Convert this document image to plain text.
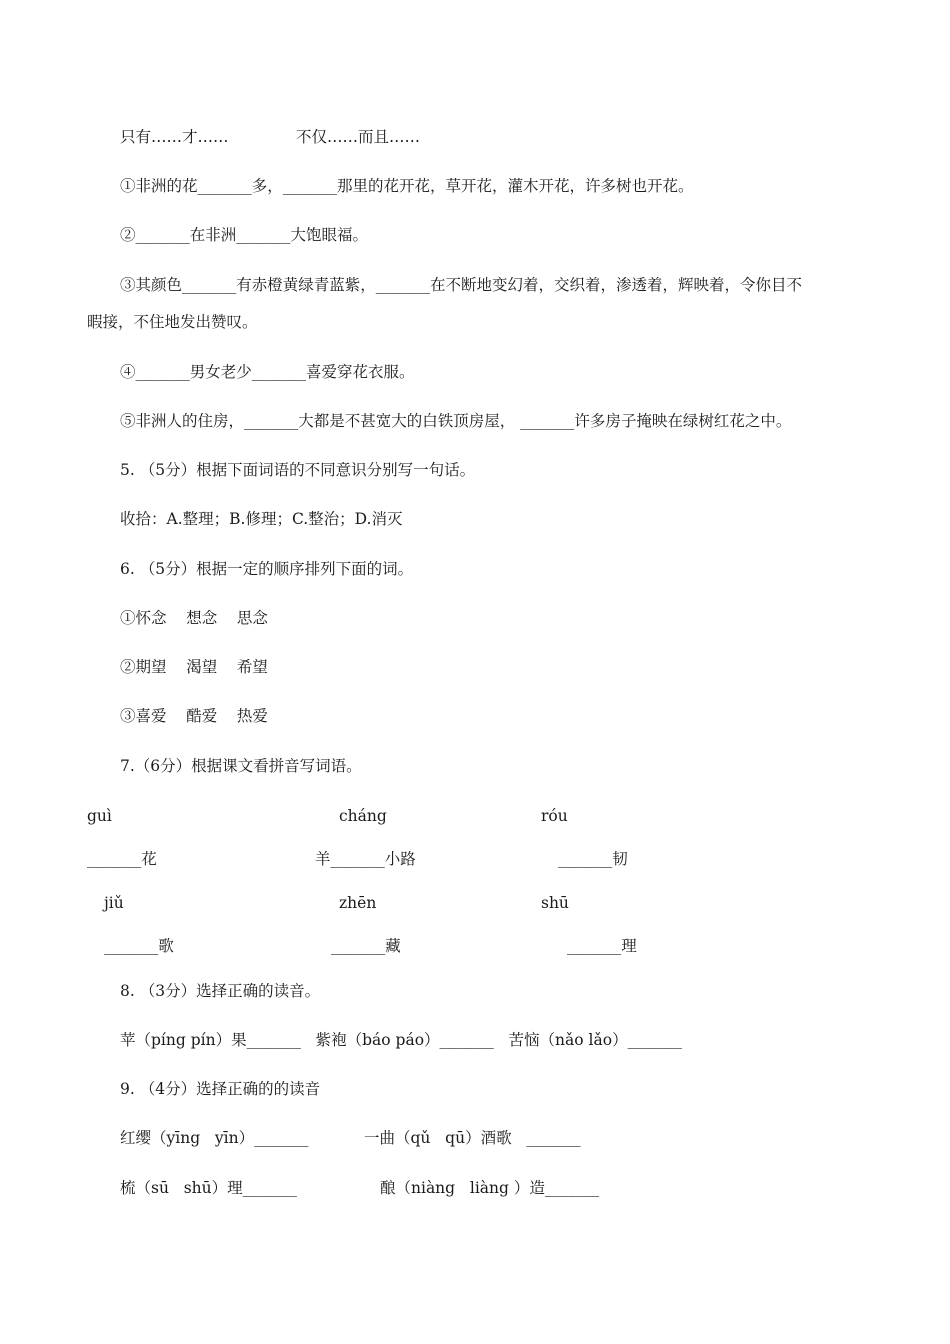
只有……才……	不仅……而且……
①非洲的花_______多，_______那里的花开花，草开花，灌木开花，许多树也开花。
②_______在非洲_______大饱眼福。
③其颜色_______有赤橙黄绿青蓝紫，_______在不断地变幻着，交织着，渗透着，辉映着，令你目不
暇接，不住地发出赞叹。
④_______男女老少_______喜爱穿花衣服。
⑤非洲人的住房，_______大都是不甚宽大的白铁顶房屋， _______许多房子掩映在绿树红花之中。
5. （5分）根据下面词语的不同意识分别写一句话。
收拾：A.整理；B.修理；C.整治；D.消灭
6. （5分）根据一定的顺序排列下面的词。
①怀念    想念    思念
②期望    渴望    希望
③喜爱    酷爱    热爱
7.（6分）根据课文看拼音写词语。
guì	cháng	róu
_______花	羊_______小路	_______韧
jiǔ	zhēn	shū
_______歌	_______藏	_______理
8. （3分）选择正确的读音。
苹（píng pín）果_______   紫袍（báo páo）_______   苦恼（nǎo lǎo）_______
9. （4分）选择正确的的读音
红缨（yīng   yīn）_______	一曲（qǔ   qū）酒歌   _______
梳（sū   shū）理_______	酿（niàng   liàng ）造_______
